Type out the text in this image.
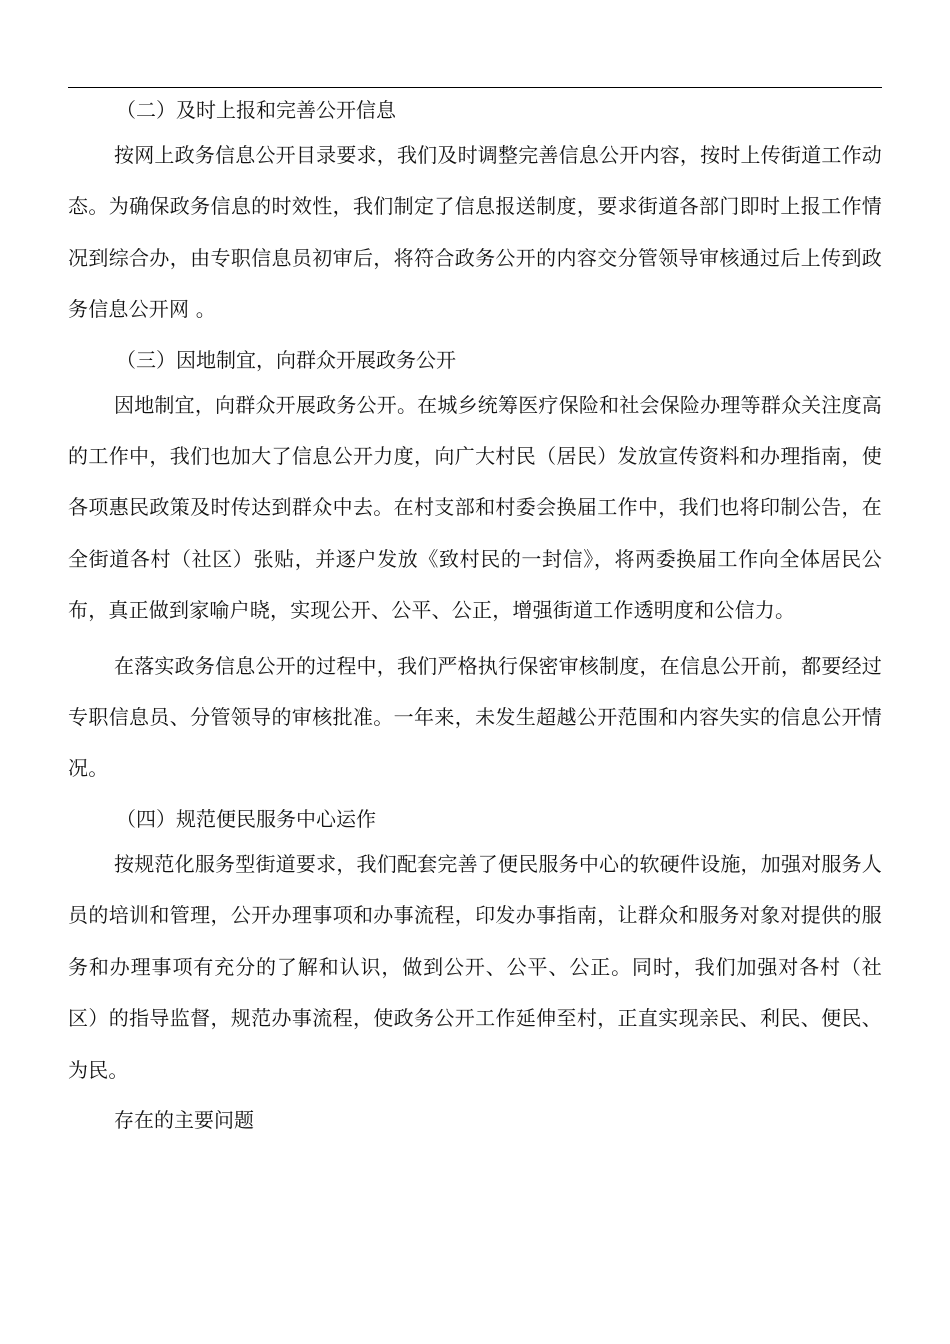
（二）及时上报和完善公开信息

按网上政务信息公开目录要求，我们及时调整完善信息公开内容，按时上传街道工作动态。为确保政务信息的时效性，我们制定了信息报送制度，要求街道各部门即时上报工作情况到综合办，由专职信息员初审后，将符合政务公开的内容交分管领导审核通过后上传到政务信息公开网 。

（三）因地制宜，向群众开展政务公开

因地制宜，向群众开展政务公开。在城乡统筹医疗保险和社会保险办理等群众关注度高的工作中，我们也加大了信息公开力度，向广大村民（居民）发放宣传资料和办理指南，使各项惠民政策及时传达到群众中去。在村支部和村委会换届工作中，我们也将印制公告，在全街道各村（社区）张贴，并逐户发放《致村民的一封信》，将两委换届工作向全体居民公布，真正做到家喻户晓，实现公开、公平、公正，增强街道工作透明度和公信力。

在落实政务信息公开的过程中，我们严格执行保密审核制度，在信息公开前，都要经过专职信息员、分管领导的审核批准。一年来，未发生超越公开范围和内容失实的信息公开情况。

（四）规范便民服务中心运作

按规范化服务型街道要求，我们配套完善了便民服务中心的软硬件设施，加强对服务人员的培训和管理，公开办理事项和办事流程，印发办事指南，让群众和服务对象对提供的服务和办理事项有充分的了解和认识，做到公开、公平、公正。同时，我们加强对各村（社区）的指导监督，规范办事流程，使政务公开工作延伸至村，正直实现亲民、利民、便民、为民。

存在的主要问题
